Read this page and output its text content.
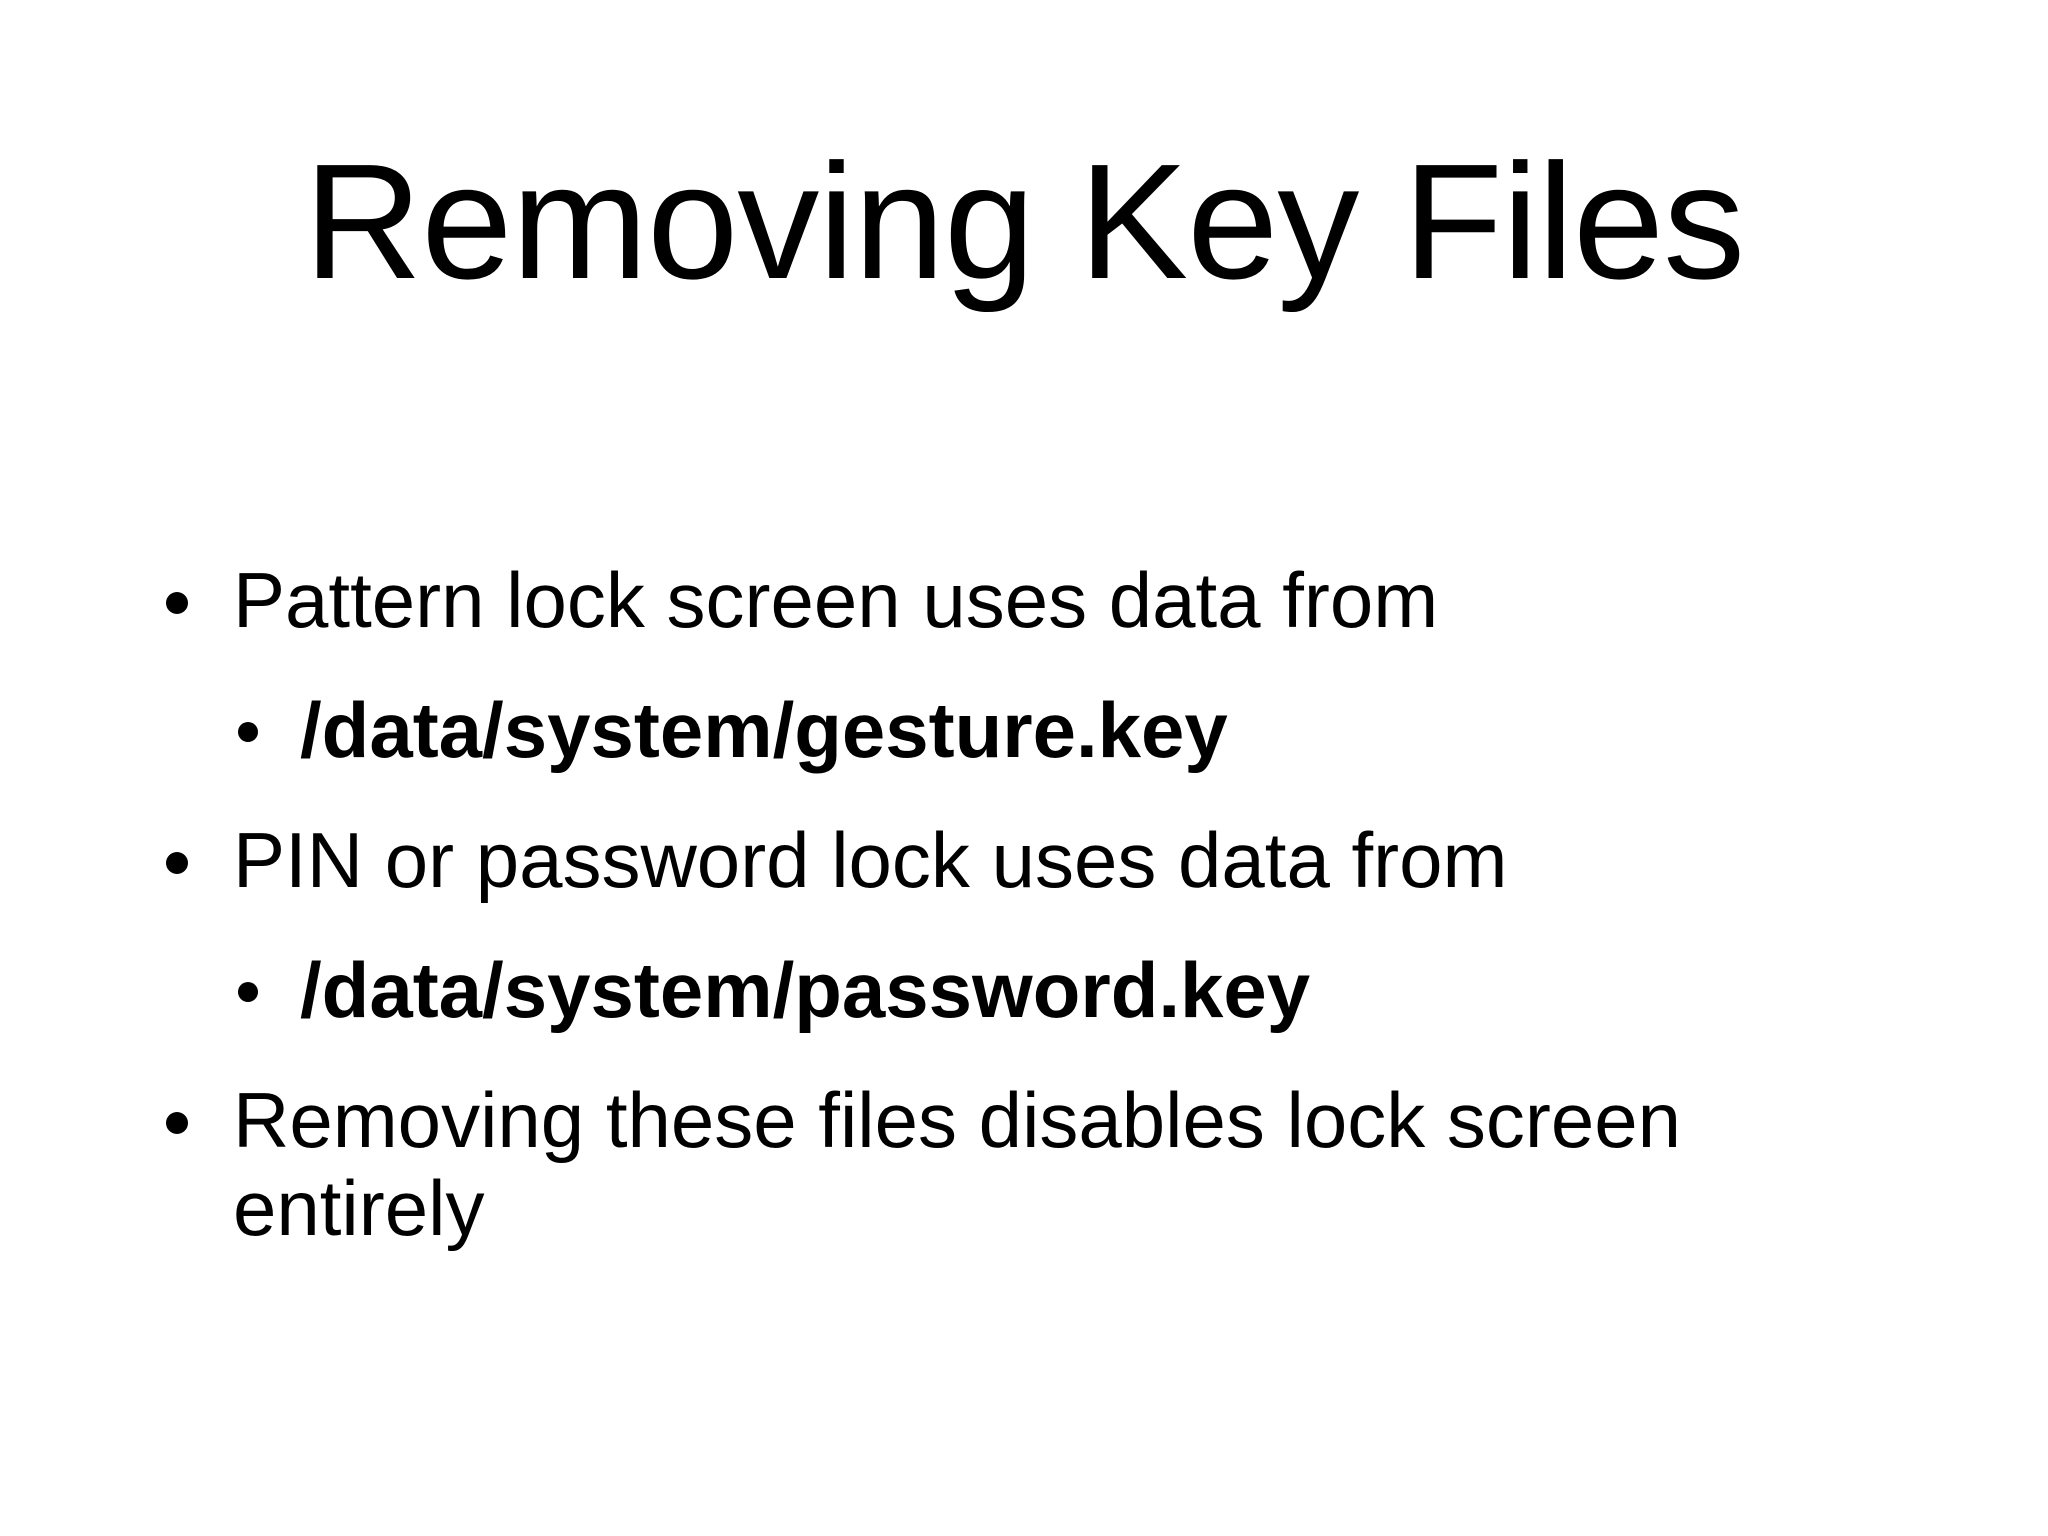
Removing Key Files
Pattern lock screen uses data from
/data/system/gesture.key
PIN or password lock uses data from
/data/system/password.key
Removing these files disables lock screen entirely
